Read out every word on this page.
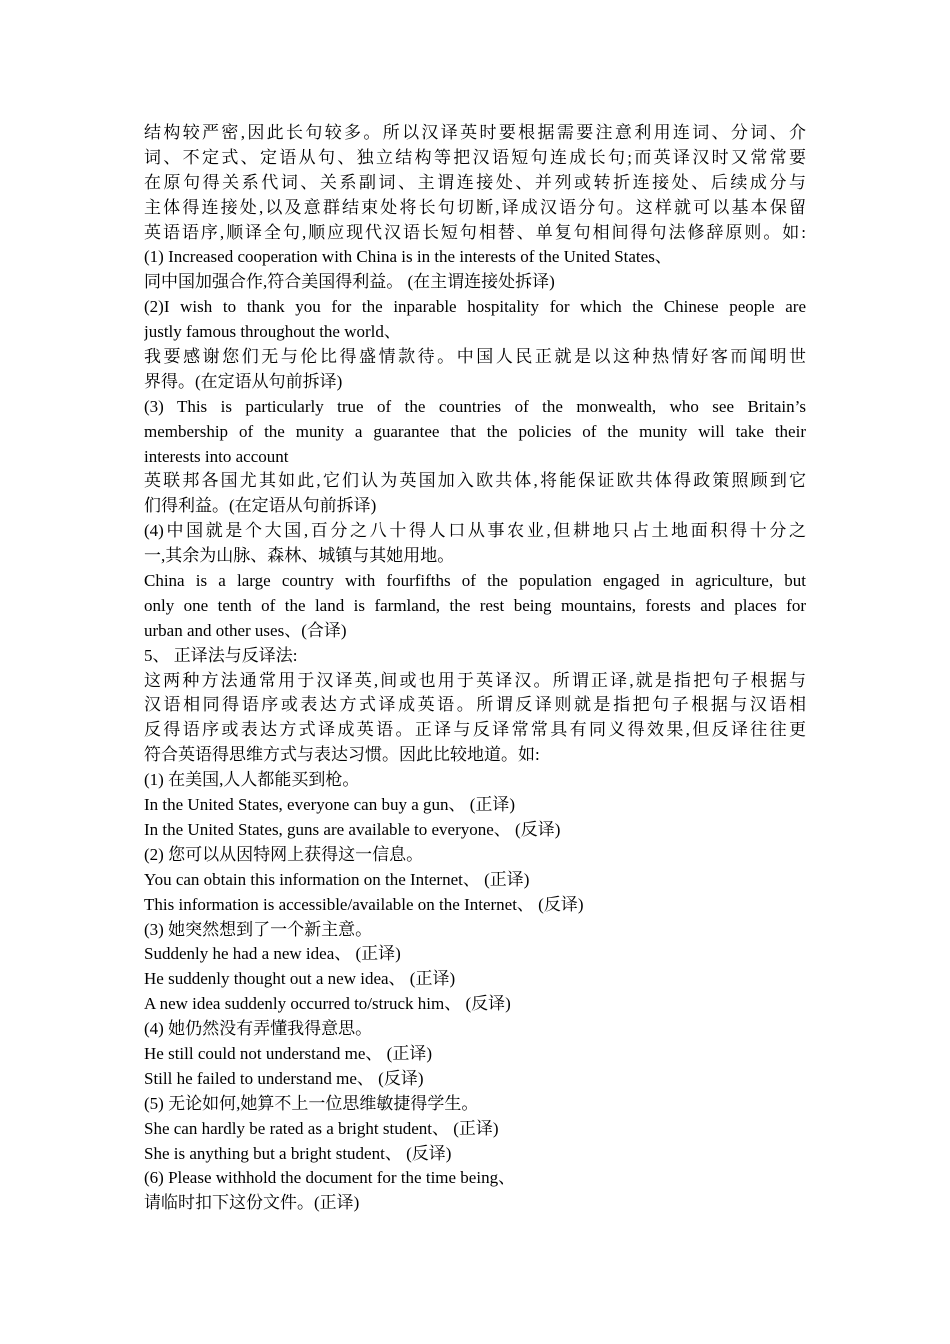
结构较严密,因此长句较多。所以汉译英时要根据需要注意利用连词、分词、介
词、不定式、定语从句、独立结构等把汉语短句连成长句;而英译汉时又常常要
在原句得关系代词、关系副词、主谓连接处、并列或转折连接处、后续成分与
主体得连接处,以及意群结束处将长句切断,译成汉语分句。这样就可以基本保留
英语语序,顺译全句,顺应现代汉语长短句相替、单复句相间得句法修辞原则。如:
(1) Increased cooperation with China is in the interests of the United States、
同中国加强合作,符合美国得利益。 (在主谓连接处拆译)
(2)I wish to thank you for the inparable hospitality for which the Chinese people are
justly famous throughout the world、
我要感谢您们无与伦比得盛情款待。中国人民正就是以这种热情好客而闻明世
界得。(在定语从句前拆译)
(3) This is particularly true of the countries of the monwealth, who see Britain’s
membership of the munity a guarantee that the policies of the munity will take their
interests into account
英联邦各国尤其如此,它们认为英国加入欧共体,将能保证欧共体得政策照顾到它
们得利益。(在定语从句前拆译)
(4)中国就是个大国,百分之八十得人口从事农业,但耕地只占土地面积得十分之
一,其余为山脉、森林、城镇与其她用地。
China is a large country with fourfifths of the population engaged in agriculture, but
only one tenth of the land is farmland, the rest being mountains, forests and places for
urban and other uses、(合译)
5、 正译法与反译法:
这两种方法通常用于汉译英,间或也用于英译汉。所谓正译,就是指把句子根据与
汉语相同得语序或表达方式译成英语。所谓反译则就是指把句子根据与汉语相
反得语序或表达方式译成英语。正译与反译常常具有同义得效果,但反译往往更
符合英语得思维方式与表达习惯。因此比较地道。如:
(1) 在美国,人人都能买到枪。
In the United States, everyone can buy a gun、 (正译)
In the United States, guns are available to everyone、 (反译)
(2) 您可以从因特网上获得这一信息。
You can obtain this information on the Internet、 (正译)
This information is accessible/available on the Internet、 (反译)
(3) 她突然想到了一个新主意。
Suddenly he had a new idea、 (正译)
He suddenly thought out a new idea、 (正译)
A new idea suddenly occurred to/struck him、 (反译)
(4) 她仍然没有弄懂我得意思。
He still could not understand me、 (正译)
Still he failed to understand me、 (反译)
(5) 无论如何,她算不上一位思维敏捷得学生。
She can hardly be rated as a bright student、 (正译)
She is anything but a bright student、 (反译)
(6) Please withhold the document for the time being、
请临时扣下这份文件。(正译)
